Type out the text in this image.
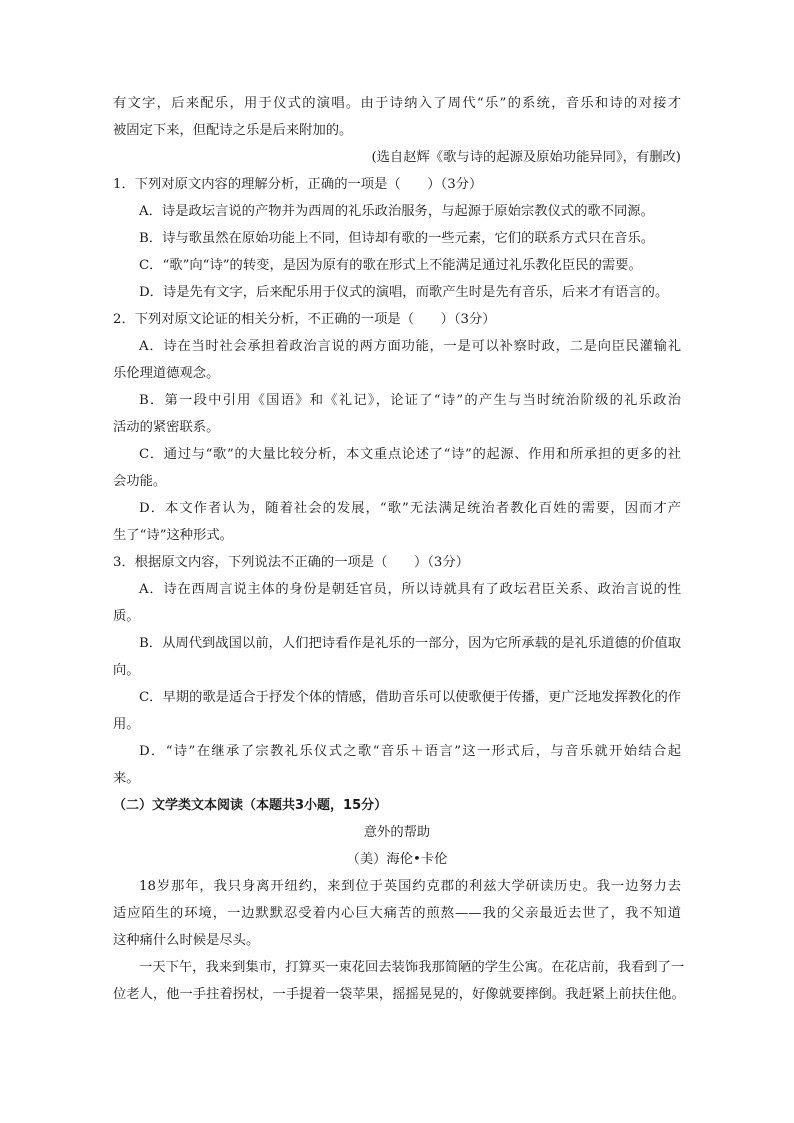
有文字，后来配乐，用于仪式的演唱。由于诗纳入了周代“乐”的系统，音乐和诗的对接才
被固定下来，但配诗之乐是后来附加的。
(选自赵辉《歌与诗的起源及原始功能异同》，有删改)
1．下列对原文内容的理解分析，正确的一项是（　　）（3分）
A．诗是政坛言说的产物并为西周的礼乐政治服务，与起源于原始宗教仪式的歌不同源。
B．诗与歌虽然在原始功能上不同，但诗却有歌的一些元素，它们的联系方式只在音乐。
C．“歌”向“诗”的转变，是因为原有的歌在形式上不能满足通过礼乐教化臣民的需要。
D．诗是先有文字，后来配乐用于仪式的演唱，而歌产生时是先有音乐，后来才有语言的。
2．下列对原文论证的相关分析，不正确的一项是（　　）（3分）
A．诗在当时社会承担着政治言说的两方面功能，一是可以补察时政，二是向臣民灌输礼
乐伦理道德观念。
B．第一段中引用《国语》和《礼记》，论证了“诗”的产生与当时统治阶级的礼乐政治
活动的紧密联系。
C．通过与“歌”的大量比较分析，本文重点论述了“诗”的起源、作用和所承担的更多的社
会功能。
D．本文作者认为，随着社会的发展，“歌”无法满足统治者教化百姓的需要，因而才产
生了“诗”这种形式。
3．根据原文内容，下列说法不正确的一项是（　　）（3分）
A．诗在西周言说主体的身份是朝廷官员，所以诗就具有了政坛君臣关系、政治言说的性
质。
B．从周代到战国以前，人们把诗看作是礼乐的一部分，因为它所承载的是礼乐道德的价值取
向。
C．早期的歌是适合于抒发个体的情感，借助音乐可以使歌便于传播，更广泛地发挥教化的作
用。
D．“诗”在继承了宗教礼乐仪式之歌“音乐＋语言”这一形式后，与音乐就开始结合起
来。
（二）文学类文本阅读（本题共3小题，15分）
意外的帮助
（美）海伦•卡伦
18岁那年，我只身离开纽约，来到位于英国约克郡的利兹大学研读历史。我一边努力去
适应陌生的环境，一边默默忍受着内心巨大痛苦的煎熬——我的父亲最近去世了，我不知道
这种痛什么时候是尽头。
一天下午，我来到集市，打算买一束花回去装饰我那简陋的学生公寓。在花店前，我看到了一
位老人，他一手拄着拐杖，一手提着一袋苹果，摇摇晃晃的，好像就要摔倒。我赶紧上前扶住他。
